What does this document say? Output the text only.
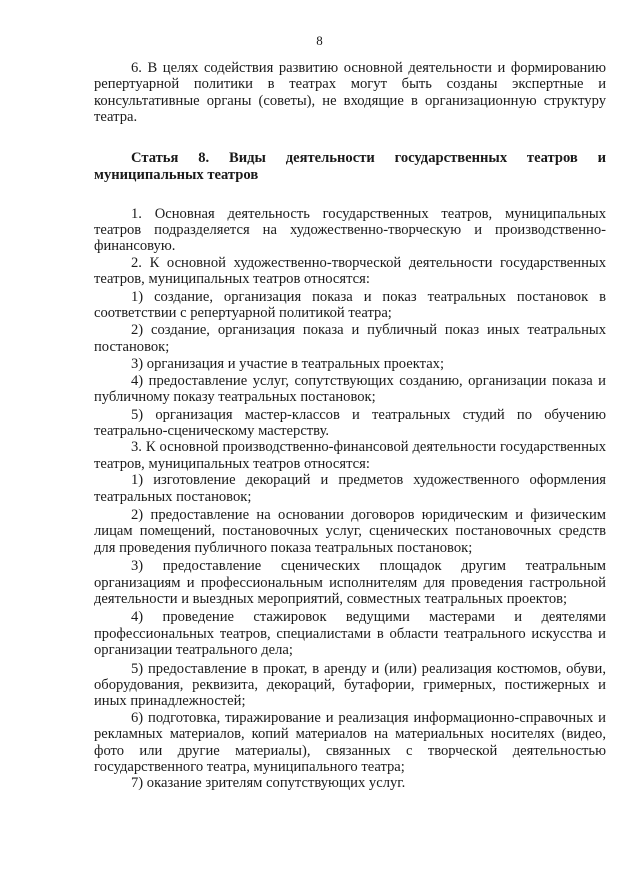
8

6. В целях содействия развитию основной деятельности и формированию репертуарной политики в театрах могут быть созданы экспертные и консультативные органы (советы), не входящие в организационную структуру театра.

Статья 8. Виды деятельности государственных театров и муниципальных театров

1. Основная деятельность государственных театров, муниципальных театров подразделяется на художественно-творческую и производственно-финансовую.

2. К основной художественно-творческой деятельности государственных театров, муниципальных театров относятся:

1) создание, организация показа и показ театральных постановок в соответствии с репертуарной политикой театра;

2) создание, организация показа и публичный показ иных театральных постановок;

3) организация и участие в театральных проектах;

4) предоставление услуг, сопутствующих созданию, организации показа и публичному показу театральных постановок;

5) организация мастер-классов и театральных студий по обучению театрально-сценическому мастерству.

3. К основной производственно-финансовой деятельности государственных театров, муниципальных театров относятся:

1) изготовление декораций и предметов художественного оформления театральных постановок;

2) предоставление на основании договоров юридическим и физическим лицам помещений, постановочных услуг, сценических постановочных средств для проведения публичного показа театральных постановок;

3) предоставление сценических площадок другим театральным организациям и профессиональным исполнителям для проведения гастрольной деятельности и выездных мероприятий, совместных театральных проектов;

4) проведение стажировок ведущими мастерами и деятелями профессиональных театров, специалистами в области театрального искусства и организации театрального дела;

5) предоставление в прокат, в аренду и (или) реализация костюмов, обуви, оборудования, реквизита, декораций, бутафории, гримерных, постижерных и иных принадлежностей;

6) подготовка, тиражирование и реализация информационно-справочных и рекламных материалов, копий материалов на материальных носителях (видео, фото или другие материалы), связанных с творческой деятельностью государственного театра, муниципального театра;

7) оказание зрителям сопутствующих услуг.
